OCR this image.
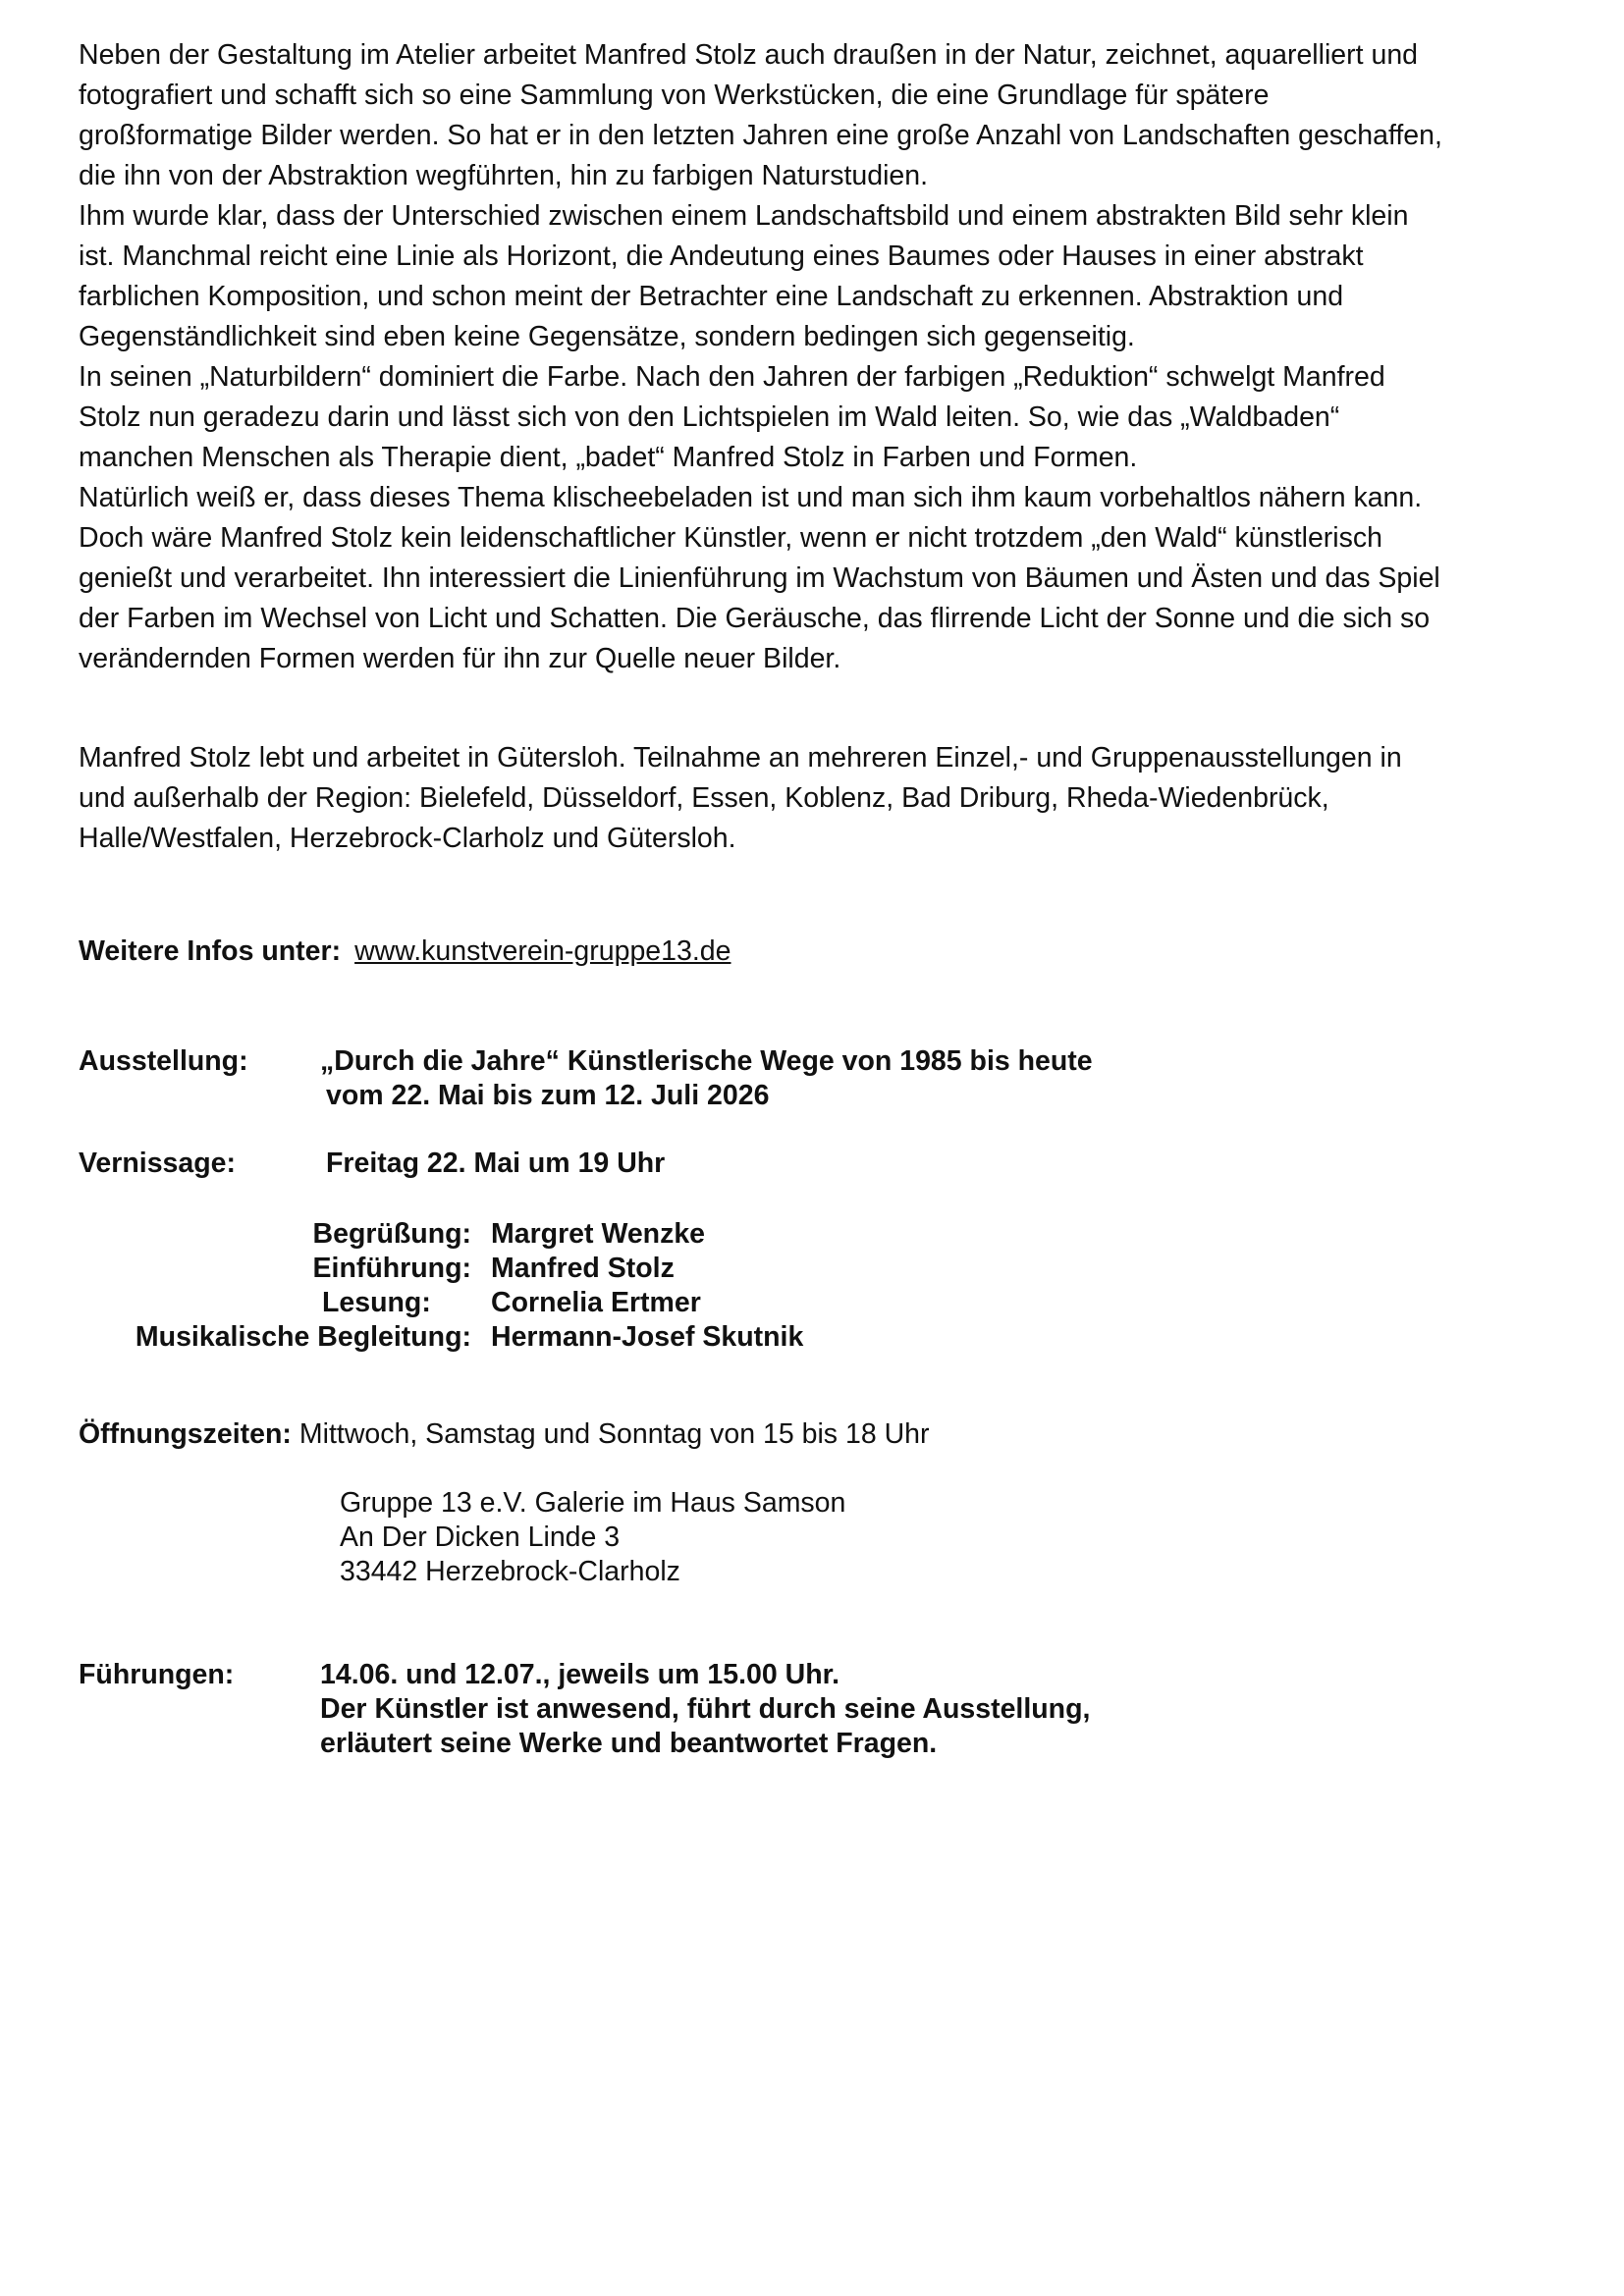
Neben der Gestaltung im Atelier arbeitet Manfred Stolz auch draußen in der Natur, zeichnet, aquarelliert und
fotografiert und schafft sich so eine Sammlung von Werkstücken, die eine Grundlage für spätere
großformatige Bilder werden. So hat er in den letzten Jahren eine große Anzahl von Landschaften geschaffen,
die ihn von der Abstraktion wegführten, hin zu farbigen Naturstudien.
Ihm wurde klar, dass der Unterschied zwischen einem Landschaftsbild und einem abstrakten Bild sehr klein
ist. Manchmal reicht eine Linie als Horizont, die Andeutung eines Baumes oder Hauses in einer abstrakt
farblichen Komposition, und schon meint der Betrachter eine Landschaft zu erkennen. Abstraktion und
Gegenständlichkeit sind eben keine Gegensätze, sondern bedingen sich gegenseitig.
In seinen „Naturbildern“ dominiert die Farbe. Nach den Jahren der farbigen „Reduktion“ schwelgt Manfred
Stolz nun geradezu darin und lässt sich von den Lichtspielen im Wald leiten. So, wie das „Waldbaden“
manchen Menschen als Therapie dient, „badet“ Manfred Stolz in Farben und Formen.
Natürlich weiß er, dass dieses Thema klischeebeladen ist und man sich ihm kaum vorbehaltlos nähern kann.
Doch wäre Manfred Stolz kein leidenschaftlicher Künstler, wenn er nicht trotzdem „den Wald“ künstlerisch
genießt und verarbeitet. Ihn interessiert die Linienführung im Wachstum von Bäumen und Ästen und das Spiel
der Farben im Wechsel von Licht und Schatten. Die Geräusche, das flirrende Licht der Sonne und die sich so
verändernden Formen werden für ihn zur Quelle neuer Bilder.

Manfred Stolz lebt und arbeitet in Gütersloh. Teilnahme an mehreren Einzel,- und Gruppenausstellungen in
und außerhalb der Region: Bielefeld, Düsseldorf, Essen, Koblenz, Bad Driburg, Rheda-Wiedenbrück,
Halle/Westfalen, Herzebrock-Clarholz und Gütersloh.

Weitere Infos unter: www.kunstverein-gruppe13.de
Ausstellung:	„Durch die Jahre“ Künstlerische Wege von 1985 bis heute
vom 22. Mai bis zum 12. Juli 2026
Vernissage:	Freitag 22. Mai um 19 Uhr
Begrüßung: Margret Wenzke
Einführung: Manfred Stolz
Lesung:	Cornelia Ertmer
Musikalische Begleitung: Hermann-Josef Skutnik
Öffnungszeiten: Mittwoch, Samstag und Sonntag von 15 bis 18 Uhr
Gruppe 13 e.V. Galerie im Haus Samson
An Der Dicken Linde 3
33442 Herzebrock-Clarholz
Führungen:	14.06. und 12.07., jeweils um 15.00 Uhr.
Der Künstler ist anwesend, führt durch seine Ausstellung,
erläutert seine Werke und beantwortet Fragen.
